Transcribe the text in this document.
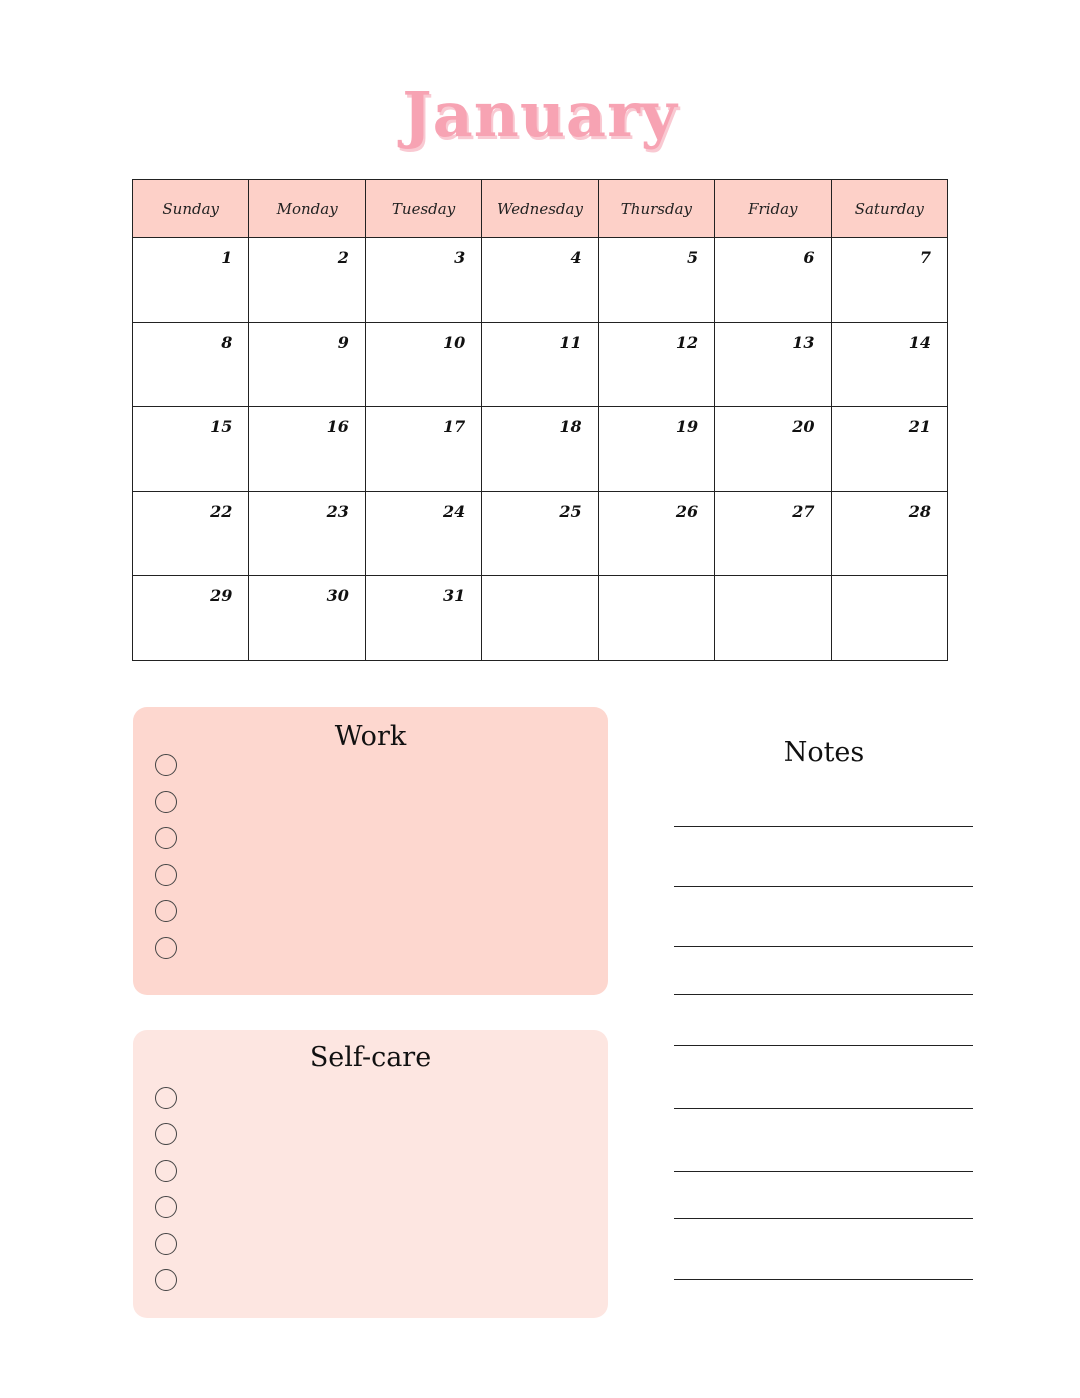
January
Sunday	Monday	Tuesday	Wednesday	Thursday	Friday	Saturday
1	2	3	4	5	6	7
8	9	10	11	12	13	14
15	16	17	18	19	20	21
22	23	24	25	26	27	28
29	30	31				
Work
Self-care
Notes
